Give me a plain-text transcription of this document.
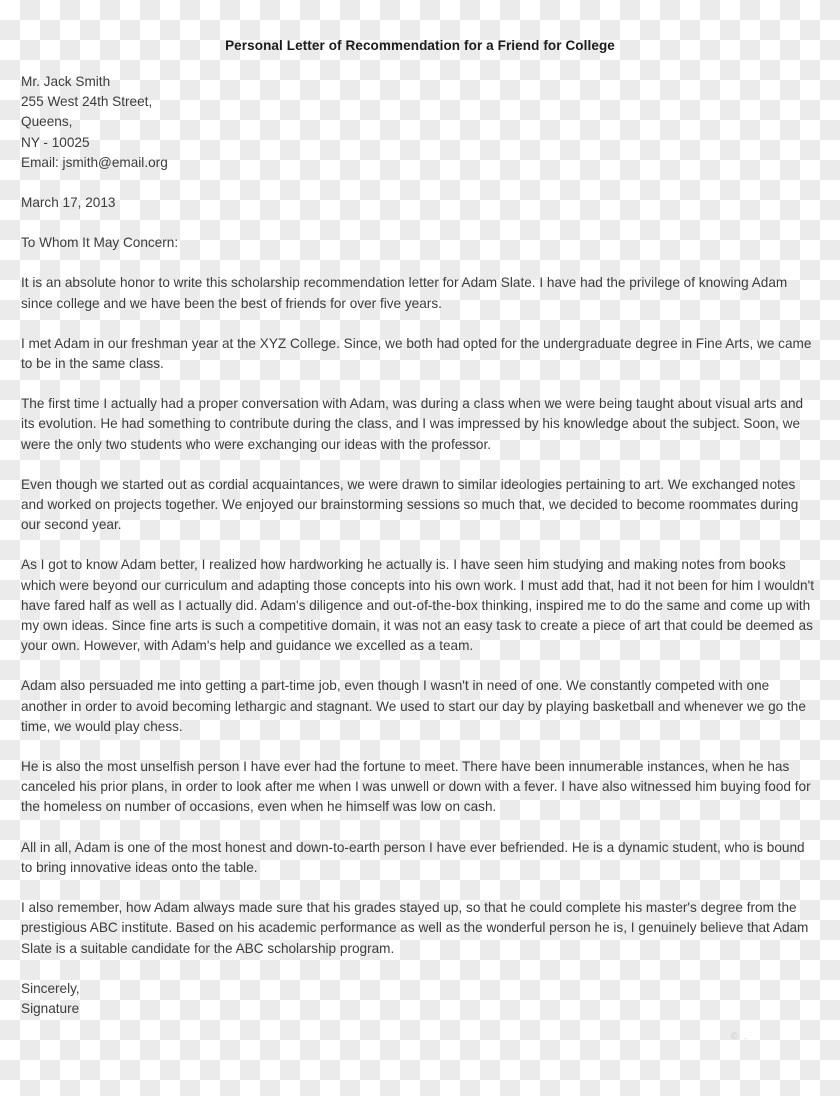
Personal Letter of Recommendation for a Friend for College
Mr. Jack Smith
255 West 24th Street,
Queens,
NY - 10025
Email: jsmith@email.org
March 17, 2013
To Whom It May Concern:

It is an absolute honor to write this scholarship recommendation letter for Adam Slate. I have had the privilege of knowing Adam since college and we have been the best of friends for over five years.

I met Adam in our freshman year at the XYZ College. Since, we both had opted for the undergraduate degree in Fine Arts, we came to be in the same class.

The first time I actually had a proper conversation with Adam, was during a class when we were being taught about visual arts and its evolution. He had something to contribute during the class, and I was impressed by his knowledge about the subject. Soon, we were the only two students who were exchanging our ideas with the professor.

Even though we started out as cordial acquaintances, we were drawn to similar ideologies pertaining to art. We exchanged notes and worked on projects together. We enjoyed our brainstorming sessions so much that, we decided to become roommates during our second year.

As I got to know Adam better, I realized how hardworking he actually is. I have seen him studying and making notes from books which were beyond our curriculum and adapting those concepts into his own work. I must add that, had it not been for him I wouldn't have fared half as well as I actually did. Adam's diligence and out-of-the-box thinking, inspired me to do the same and come up with my own ideas. Since fine arts is such a competitive domain, it was not an easy task to create a piece of art that could be deemed as your own. However, with Adam's help and guidance we excelled as a team.

Adam also persuaded me into getting a part-time job, even though I wasn't in need of one. We constantly competed with one another in order to avoid becoming lethargic and stagnant. We used to start our day by playing basketball and whenever we go the time, we would play chess.

He is also the most unselfish person I have ever had the fortune to meet. There have been innumerable instances, when he has canceled his prior plans, in order to look after me when I was unwell or down with a fever. I have also witnessed him buying food for the homeless on number of occasions, even when he himself was low on cash.

All in all, Adam is one of the most honest and down-to-earth person I have ever befriended. He is a dynamic student, who is bound to bring innovative ideas onto the table.

I also remember, how Adam always made sure that his grades stayed up, so that he could complete his master's degree from the prestigious ABC institute. Based on his academic performance as well as the wonderful person he is, I genuinely believe that Adam Slate is a suitable candidate for the ABC scholarship program.

Sincerely,
Signature
© .
